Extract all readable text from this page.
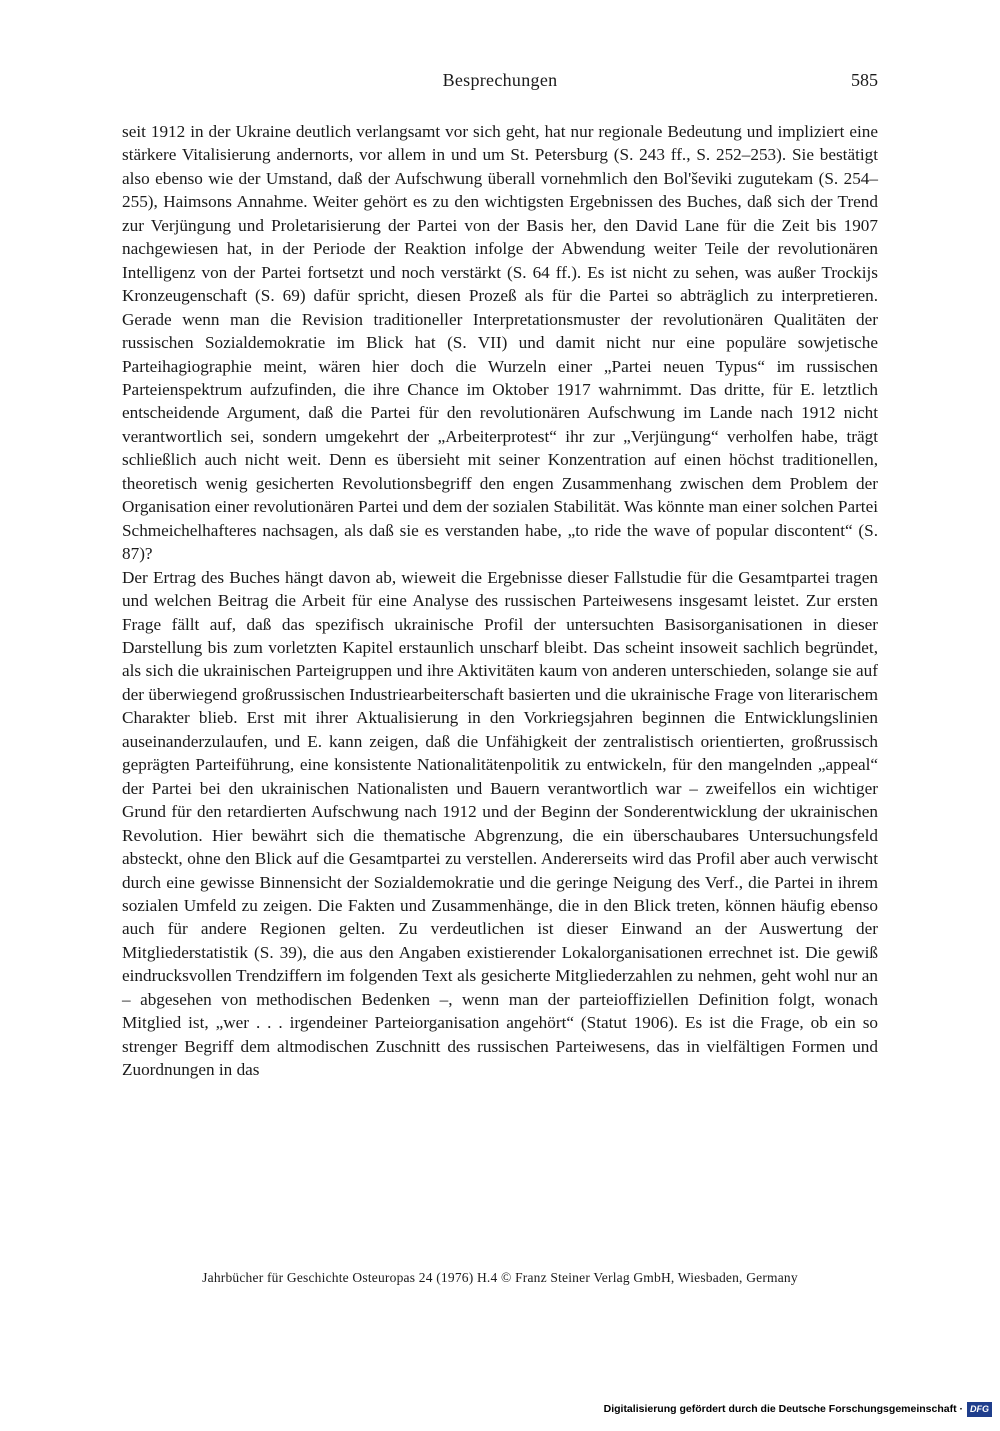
Besprechungen	585

seit 1912 in der Ukraine deutlich verlangsamt vor sich geht, hat nur regionale Bedeutung und impliziert eine stärkere Vitalisierung andernorts, vor allem in und um St. Petersburg (S. 243 ff., S. 252–253). Sie bestätigt also ebenso wie der Umstand, daß der Aufschwung überall vornehmlich den Bol'ševiki zugutekam (S. 254–255), Haimsons Annahme. Weiter gehört es zu den wichtigsten Ergebnissen des Buches, daß sich der Trend zur Verjüngung und Proletarisierung der Partei von der Basis her, den David Lane für die Zeit bis 1907 nachgewiesen hat, in der Periode der Reaktion infolge der Abwendung weiter Teile der revolutionären Intelligenz von der Partei fortsetzt und noch verstärkt (S. 64 ff.). Es ist nicht zu sehen, was außer Trockijs Kronzeugenschaft (S. 69) dafür spricht, diesen Prozeß als für die Partei so abträglich zu interpretieren. Gerade wenn man die Revision traditioneller Interpretationsmuster der revolutionären Qualitäten der russischen Sozialdemokratie im Blick hat (S. VII) und damit nicht nur eine populäre sowjetische Parteihagiographie meint, wären hier doch die Wurzeln einer „Partei neuen Typus“ im russischen Parteienspektrum aufzufinden, die ihre Chance im Oktober 1917 wahrnimmt. Das dritte, für E. letztlich entscheidende Argument, daß die Partei für den revolutionären Aufschwung im Lande nach 1912 nicht verantwortlich sei, sondern umgekehrt der „Arbeiterprotest“ ihr zur „Verjüngung“ verholfen habe, trägt schließlich auch nicht weit. Denn es übersieht mit seiner Konzentration auf einen höchst traditionellen, theoretisch wenig gesicherten Revolutionsbegriff den engen Zusammenhang zwischen dem Problem der Organisation einer revolutionären Partei und dem der sozialen Stabilität. Was könnte man einer solchen Partei Schmeichelhafteres nachsagen, als daß sie es verstanden habe, „to ride the wave of popular discontent“ (S. 87)?

Der Ertrag des Buches hängt davon ab, wieweit die Ergebnisse dieser Fallstudie für die Gesamtpartei tragen und welchen Beitrag die Arbeit für eine Analyse des russischen Parteiwesens insgesamt leistet. Zur ersten Frage fällt auf, daß das spezifisch ukrainische Profil der untersuchten Basisorganisationen in dieser Darstellung bis zum vorletzten Kapitel erstaunlich unscharf bleibt. Das scheint insoweit sachlich begründet, als sich die ukrainischen Parteigruppen und ihre Aktivitäten kaum von anderen unterschieden, solange sie auf der überwiegend großrussischen Industriearbeiterschaft basierten und die ukrainische Frage von literarischem Charakter blieb. Erst mit ihrer Aktualisierung in den Vorkriegsjahren beginnen die Entwicklungslinien auseinanderzulaufen, und E. kann zeigen, daß die Unfähigkeit der zentralistisch orientierten, großrussisch geprägten Parteiführung, eine konsistente Nationalitätenpolitik zu entwickeln, für den mangelnden „appeal“ der Partei bei den ukrainischen Nationalisten und Bauern verantwortlich war – zweifellos ein wichtiger Grund für den retardierten Aufschwung nach 1912 und der Beginn der Sonderentwicklung der ukrainischen Revolution. Hier bewährt sich die thematische Abgrenzung, die ein überschaubares Untersuchungsfeld absteckt, ohne den Blick auf die Gesamtpartei zu verstellen. Andererseits wird das Profil aber auch verwischt durch eine gewisse Binnensicht der Sozialdemokratie und die geringe Neigung des Verf., die Partei in ihrem sozialen Umfeld zu zeigen. Die Fakten und Zusammenhänge, die in den Blick treten, können häufig ebenso auch für andere Regionen gelten. Zu verdeutlichen ist dieser Einwand an der Auswertung der Mitgliederstatistik (S. 39), die aus den Angaben existierender Lokalorganisationen errechnet ist. Die gewiß eindrucksvollen Trendziffern im folgenden Text als gesicherte Mitgliederzahlen zu nehmen, geht wohl nur an – abgesehen von methodischen Bedenken –, wenn man der parteioffiziellen Definition folgt, wonach Mitglied ist, „wer . . . irgendeiner Parteiorganisation angehört“ (Statut 1906). Es ist die Frage, ob ein so strenger Begriff dem altmodischen Zuschnitt des russischen Parteiwesens, das in vielfältigen Formen und Zuordnungen in das

Jahrbücher für Geschichte Osteuropas 24 (1976) H.4 © Franz Steiner Verlag GmbH, Wiesbaden, Germany
Digitalisierung gefördert durch die Deutsche Forschungsgemeinschaft · DFG
